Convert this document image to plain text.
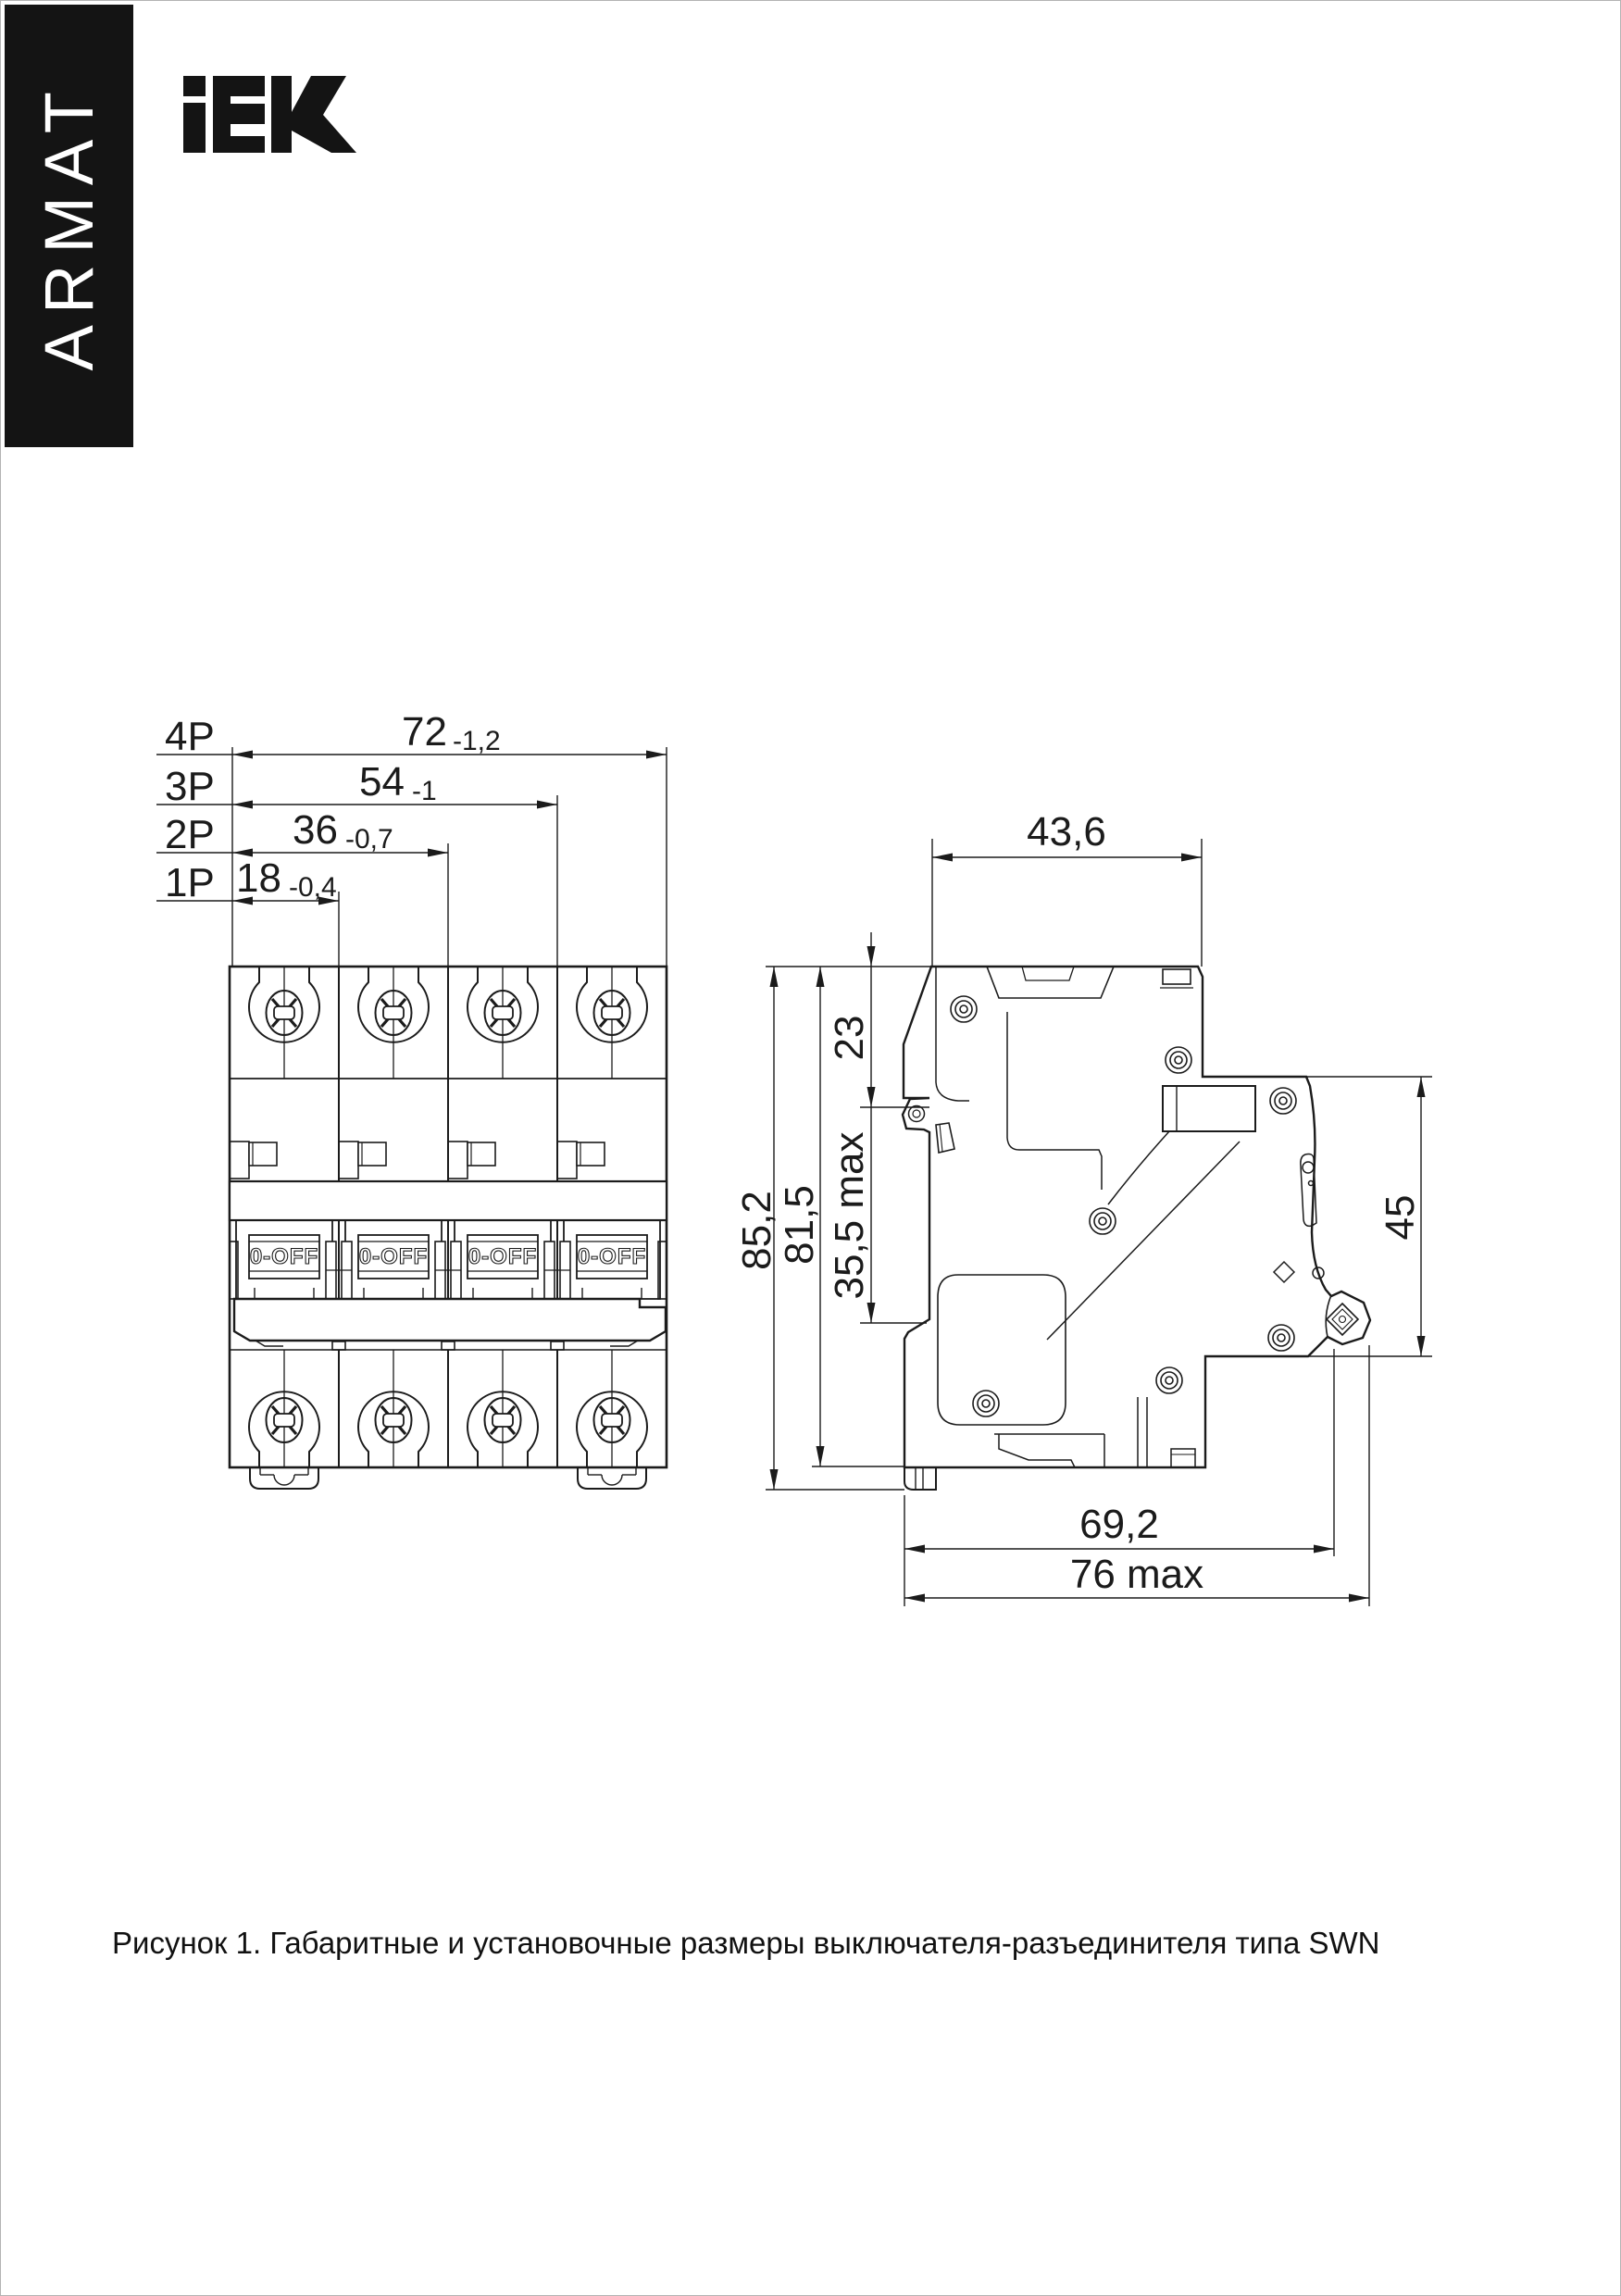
ARMAT
0-OFF 0-OFF 0-OFF 0-OFF
4P
3P
2P
1P
72 -1,2
54 -1
36 -0,7
18 -0,4
43,6
85,2
81,5
23
35,5 max	45
69,2
76 max
Рисунок 1. Габаритные и установочные размеры выключателя-разъединителя типа SWN
